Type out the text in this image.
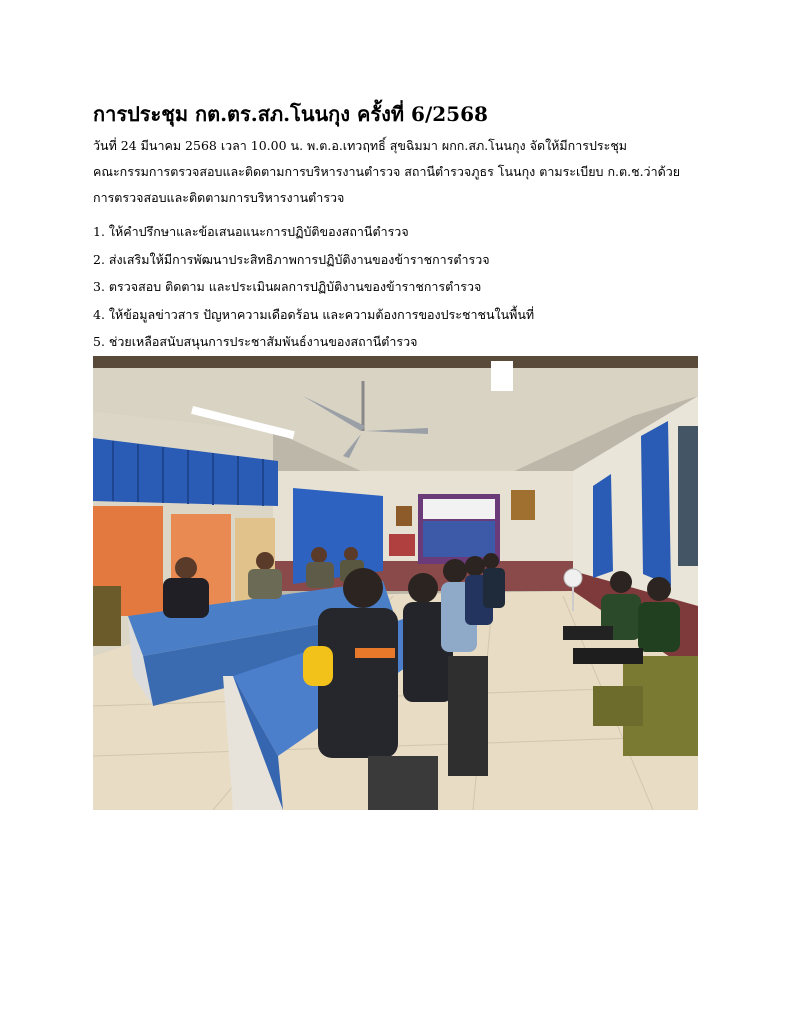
การประชุม กต.ตร.สภ.โนนกุง ครั้งที่ 6/2568
วันที่ 24 มีนาคม 2568 เวลา 10.00 น. พ.ต.อ.เทวฤทธิ์ สุขฉิมมา ผกก.สภ.โนนกุง จัดให้มีการประชุม
คณะกรรมการตรวจสอบและติดตามการบริหารงานตำรวจ สถานีตำรวจภูธร โนนกุง ตามระเบียบ ก.ต.ช.ว่าด้วย
การตรวจสอบและติดตามการบริหารงานตำรวจ
1. ให้คำปรึกษาและข้อเสนอแนะการปฏิบัติของสถานีตำรวจ
2. ส่งเสริมให้มีการพัฒนาประสิทธิภาพการปฏิบัติงานของข้าราชการตำรวจ
3. ตรวจสอบ ติดตาม และประเมินผลการปฏิบัติงานของข้าราชการตำรวจ
4. ให้ข้อมูลข่าวสาร ปัญหาความเดือดร้อน และความต้องการของประชาชนในพื้นที่
5. ช่วยเหลือสนับสนุนการประชาสัมพันธ์งานของสถานีตำรวจ
